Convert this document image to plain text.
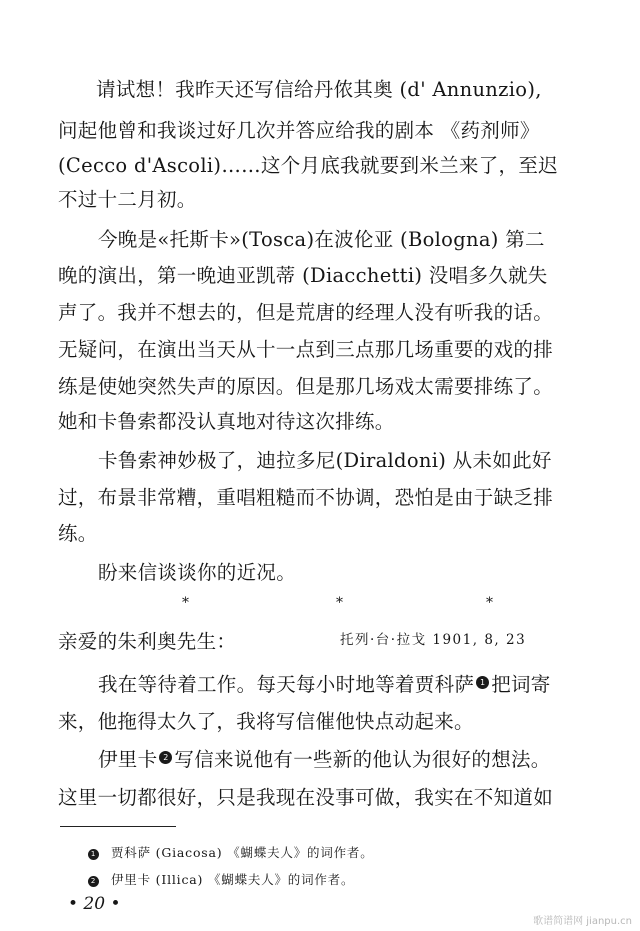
请试想！我昨天还写信给丹侬其奥 (d' Annunzio),
问起他曾和我谈过好几次并答应给我的剧本 《药剂师》
(Cecco d'Ascoli)……这个月底我就要到米兰来了，至迟
不过十二月初。
今晚是«托斯卡»(Tosca)在波伦亚 (Bologna) 第二
晚的演出，第一晚迪亚凯蒂 (Diacchetti) 没唱多久就失
声了。我并不想去的，但是荒唐的经理人没有听我的话。
无疑问，在演出当天从十一点到三点那几场重要的戏的排
练是使她突然失声的原因。但是那几场戏太需要排练了。
她和卡鲁索都没认真地对待这次排练。
卡鲁索神妙极了，迪拉多尼(Diraldoni) 从未如此好
过，布景非常糟，重唱粗糙而不协调，恐怕是由于缺乏排
练。
盼来信谈谈你的近况。
*	*	*
亲爱的朱利奥先生：	托列·台·拉戈 1901, 8, 23
我在等待着工作。每天每小时地等着贾科萨 1 把词寄
来，他拖得太久了，我将写信催他快点动起来。
伊里卡 2 写信来说他有一些新的他认为很好的想法。
这里一切都很好，只是我现在没事可做，我实在不知道如
1 贾科萨 (Giacosa) 《蝴蝶夫人》的词作者。
2 伊里卡 (Illica) 《蝴蝶夫人》的词作者。
• 20 •
歌谱简谱网 jianpu.cn
